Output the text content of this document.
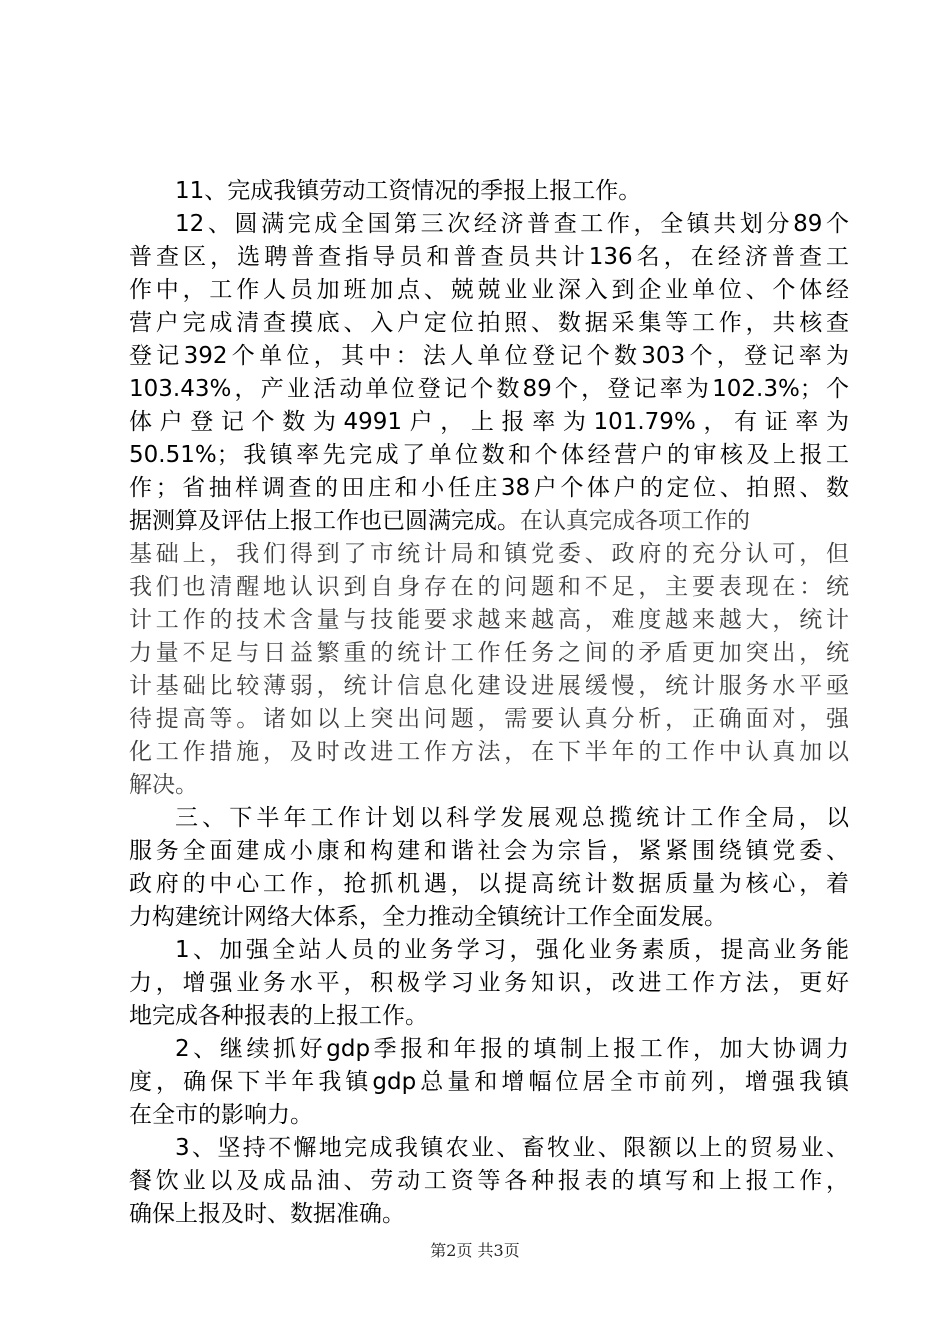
11、完成我镇劳动工资情况的季报上报工作。
12、圆满完成全国第三次经济普查工作，全镇共划分89个
普查区，选聘普查指导员和普查员共计136名，在经济普查工
作中，工作人员加班加点、兢兢业业深入到企业单位、个体经
营户完成清查摸底、入户定位拍照、数据采集等工作，共核查
登记392个单位，其中：法人单位登记个数303个，登记率为
103.43%，产业活动单位登记个数89个，登记率为102.3%；个
体户登记个数为4991户，上报率为101.79%，有证率为
50.51%；我镇率先完成了单位数和个体经营户的审核及上报工
作；省抽样调查的田庄和小任庄38户个体户的定位、拍照、数
据测算及评估上报工作也已圆满完成。在认真完成各项工作的
基础上，我们得到了市统计局和镇党委、政府的充分认可，但
我们也清醒地认识到自身存在的问题和不足，主要表现在：统
计工作的技术含量与技能要求越来越高，难度越来越大，统计
力量不足与日益繁重的统计工作任务之间的矛盾更加突出，统
计基础比较薄弱，统计信息化建设进展缓慢，统计服务水平亟
待提高等。诸如以上突出问题，需要认真分析，正确面对，强
化工作措施，及时改进工作方法，在下半年的工作中认真加以
解决。
三、下半年工作计划以科学发展观总揽统计工作全局，以
服务全面建成小康和构建和谐社会为宗旨，紧紧围绕镇党委、
政府的中心工作，抢抓机遇，以提高统计数据质量为核心，着
力构建统计网络大体系，全力推动全镇统计工作全面发展。
1、加强全站人员的业务学习，强化业务素质，提高业务能
力，增强业务水平，积极学习业务知识，改进工作方法，更好
地完成各种报表的上报工作。
2、继续抓好gdp季报和年报的填制上报工作，加大协调力
度，确保下半年我镇gdp总量和增幅位居全市前列，增强我镇
在全市的影响力。
3、坚持不懈地完成我镇农业、畜牧业、限额以上的贸易业、
餐饮业以及成品油、劳动工资等各种报表的填写和上报工作，
确保上报及时、数据准确。
第2页 共3页
